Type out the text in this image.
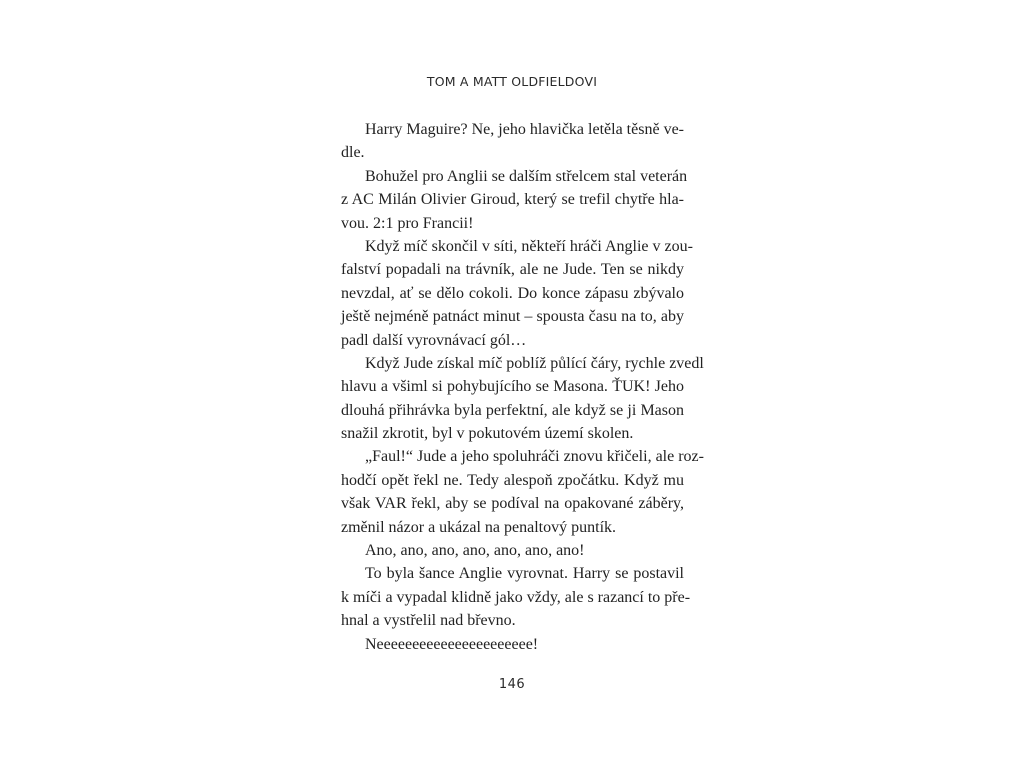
TOM A MATT OLDFIELDOVI
Harry Maguire? Ne, jeho hlavička letěla těsně ve-
dle.
Bohužel pro Anglii se dalším střelcem stal veterán
z AC Milán Olivier Giroud, který se trefil chytře hla-
vou. 2:1 pro Francii!
Když míč skončil v síti, někteří hráči Anglie v zou-
falství popadali na trávník, ale ne Jude. Ten se nikdy
nevzdal, ať se dělo cokoli. Do konce zápasu zbývalo
ještě nejméně patnáct minut – spousta času na to, aby
padl další vyrovnávací gól…
Když Jude získal míč poblíž půlící čáry, rychle zvedl
hlavu a všiml si pohybujícího se Masona. ŤUK! Jeho
dlouhá přihrávka byla perfektní, ale když se ji Mason
snažil zkrotit, byl v pokutovém území skolen.
„Faul!“ Jude a jeho spoluhráči znovu křičeli, ale roz-
hodčí opět řekl ne. Tedy alespoň zpočátku. Když mu
však VAR řekl, aby se podíval na opakované záběry,
změnil názor a ukázal na penaltový puntík.
Ano, ano, ano, ano, ano, ano, ano!
To byla šance Anglie vyrovnat. Harry se postavil
k míči a vypadal klidně jako vždy, ale s razancí to pře-
hnal a vystřelil nad břevno.
Neeeeeeeeeeeeeeeeeeeeee!
146
